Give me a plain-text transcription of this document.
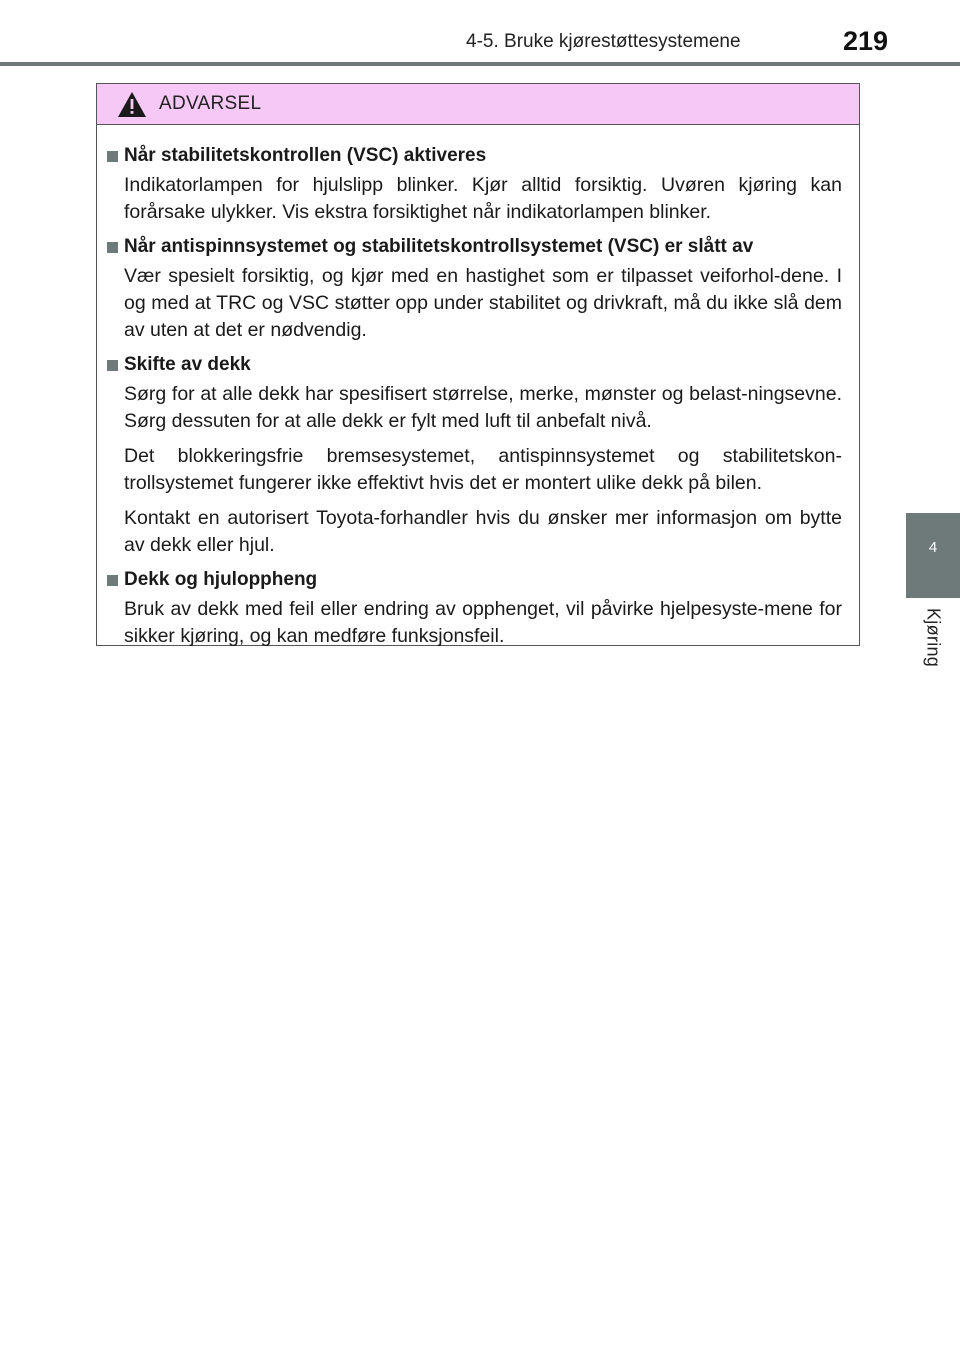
4-5. Bruke kjørestøttesystemene	219
4
Kjøring
ADVARSEL
Når stabilitetskontrollen (VSC) aktiveres

Indikatorlampen for hjulslipp blinker. Kjør alltid forsiktig. Uvøren kjøring kan forårsake ulykker. Vis ekstra forsiktighet når indikatorlampen blinker.

Når antispinnsystemet og stabilitetskontrollsystemet (VSC) er slått av

Vær spesielt forsiktig, og kjør med en hastighet som er tilpasset veiforhol-dene. I og med at TRC og VSC støtter opp under stabilitet og drivkraft, må du ikke slå dem av uten at det er nødvendig.

Skifte av dekk

Sørg for at alle dekk har spesifisert størrelse, merke, mønster og belast-ningsevne. Sørg dessuten for at alle dekk er fylt med luft til anbefalt nivå.

Det blokkeringsfrie bremsesystemet, antispinnsystemet og stabilitetskon-trollsystemet fungerer ikke effektivt hvis det er montert ulike dekk på bilen.

Kontakt en autorisert Toyota-forhandler hvis du ønsker mer informasjon om bytte av dekk eller hjul.

Dekk og hjuloppheng

Bruk av dekk med feil eller endring av opphenget, vil påvirke hjelpesyste-mene for sikker kjøring, og kan medføre funksjonsfeil.
